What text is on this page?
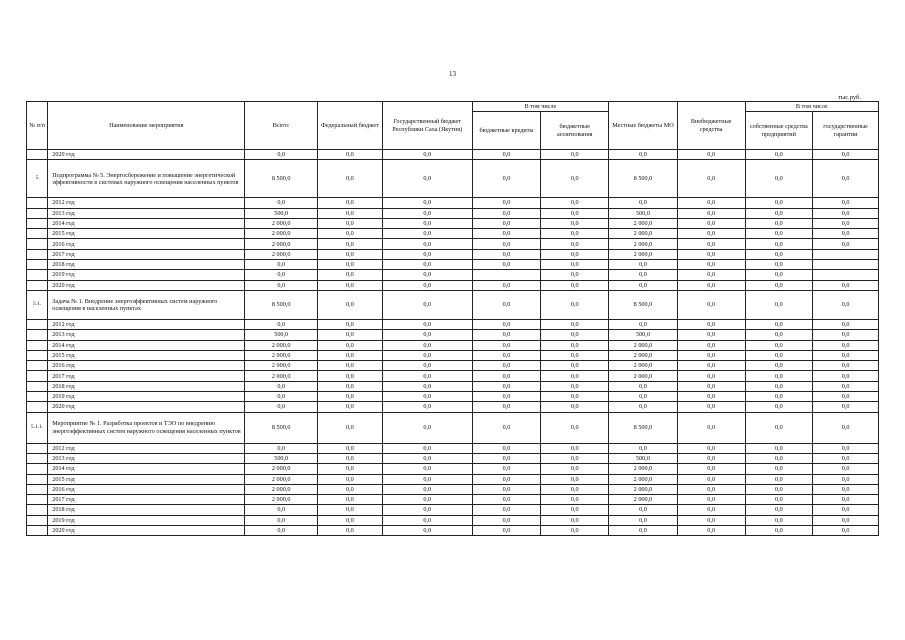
13
тыс.руб.
№ п/п	Наименование мероприятия	Всего:	Федеральный бюджет	Государственный бюджет Республики Саха (Якутия)	В том числе		Местные бюджеты МО	Внебюджетные средства	В том числе	
					бюджетные кредиты	бюджетные ассигнования			собственные средства предприятий	государственные гарантии
	2020 год	0,0	0,0	0,0	0,0	0,0	0,0	0,0	0,0	0,0
5	Подпрограмма № 5. Энергосбережение и повышение энергетической эффективности в системах наружного освещения населенных пунктов	8 500,0	0,0	0,0	0,0	0,0	8 500,0	0,0	0,0	0,0
	2012 год	0,0	0,0	0,0	0,0	0,0	0,0	0,0	0,0	0,0
	2013 год	500,0	0,0	0,0	0,0	0,0	500,0	0,0	0,0	0,0
	2014 год	2 000,0	0,0	0,0	0,0	0,0	2 000,0	0,0	0,0	0,0
	2015 год	2 000,0	0,0	0,0	0,0	0,0	2 000,0	0,0	0,0	0,0
	2016 год	2 000,0	0,0	0,0	0,0	0,0	2 000,0	0,0	0,0	0,0
	2017 год	2 000,0	0,0	0,0	0,0	0,0	2 000,0	0,0	0,0	
	2018 год	0,0	0,0	0,0	0,0	0,0	0,0	0,0	0,0	
	2019 год	0,0	0,0	0,0		0,0	0,0	0,0	0,0	
	2020 год	0,0	0,0	0,0	0,0	0,0	0,0	0,0	0,0	0,0
5.1.	Задача № 1. Внедрение энергоэффективных систем наружного освещения в населенных пунктах	8 500,0	0,0	0,0	0,0	0,0	8 500,0	0,0	0,0	0,0
	2012 год	0,0	0,0	0,0	0,0	0,0	0,0	0,0	0,0	0,0
	2013 год	500,0	0,0	0,0	0,0	0,0	500,0	0,0	0,0	0,0
	2014 год	2 000,0	0,0	0,0	0,0	0,0	2 000,0	0,0	0,0	0,0
	2015 год	2 000,0	0,0	0,0	0,0	0,0	2 000,0	0,0	0,0	0,0
	2016 год	2 000,0	0,0	0,0	0,0	0,0	2 000,0	0,0	0,0	0,0
	2017 год	2 000,0	0,0	0,0	0,0	0,0	2 000,0	0,0	0,0	0,0
	2018 год	0,0	0,0	0,0	0,0	0,0	0,0	0,0	0,0	0,0
	2019 год	0,0	0,0	0,0	0,0	0,0	0,0	0,0	0,0	0,0
	2020 год	0,0	0,0	0,0	0,0	0,0	0,0	0,0	0,0	0,0
5.1.1.	Мероприятие № 1. Разработка проектов и ТЭО по внедрению энергоэффективных систем наружного освещения населенных пунктов	8 500,0	0,0	0,0	0,0	0,0	8 500,0	0,0	0,0	0,0
	2012 год	0,0	0,0	0,0	0,0	0,0	0,0	0,0	0,0	0,0
	2013 год	500,0	0,0	0,0	0,0	0,0	500,0	0,0	0,0	0,0
	2014 год	2 000,0	0,0	0,0	0,0	0,0	2 000,0	0,0	0,0	0,0
	2015 год	2 000,0	0,0	0,0	0,0	0,0	2 000,0	0,0	0,0	0,0
	2016 год	2 000,0	0,0	0,0	0,0	0,0	2 000,0	0,0	0,0	0,0
	2017 год	2 000,0	0,0	0,0	0,0	0,0	2 000,0	0,0	0,0	0,0
	2018 год	0,0	0,0	0,0	0,0	0,0	0,0	0,0	0,0	0,0
	2019 год	0,0	0,0	0,0	0,0	0,0	0,0	0,0	0,0	0,0
	2020 год	0,0	0,0	0,0	0,0	0,0	0,0	0,0	0,0	0,0
